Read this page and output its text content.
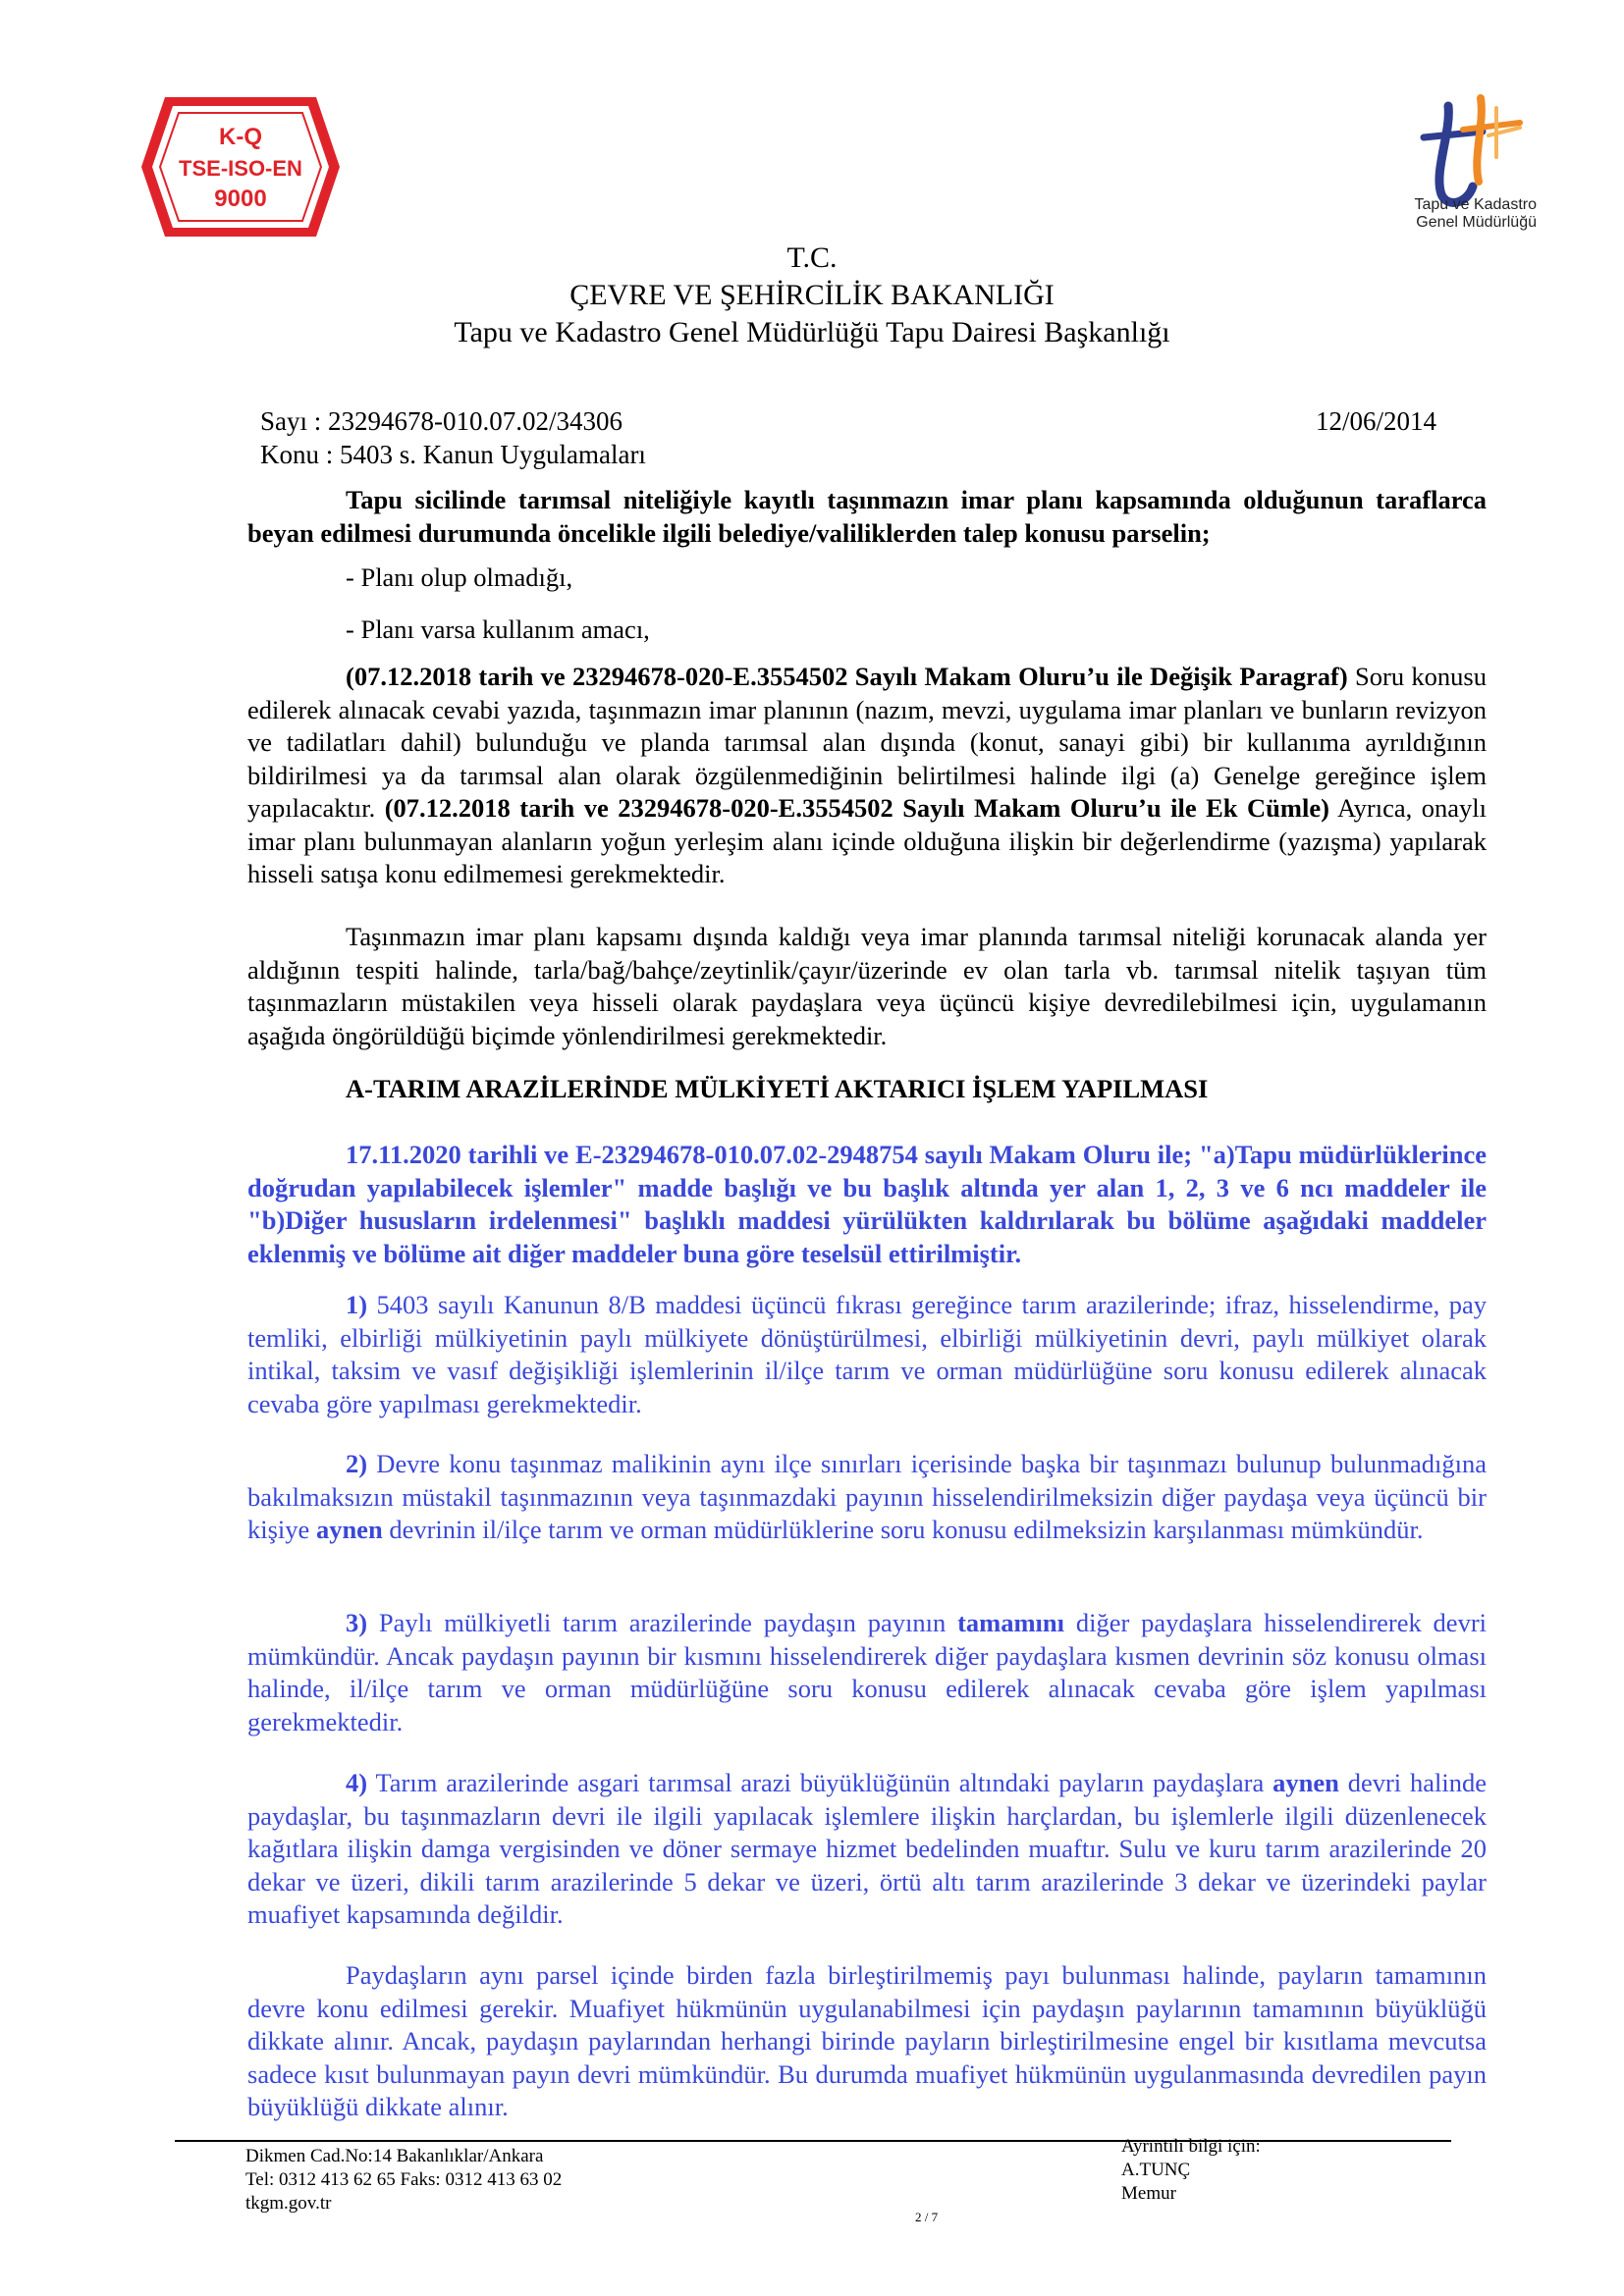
K-Q
TSE-ISO-EN
9000	Tapu ve Kadastro
Genel Müdürlüğü
T.C.
ÇEVRE VE ŞEHİRCİLİK BAKANLIĞI
Tapu ve Kadastro Genel Müdürlüğü Tapu Dairesi Başkanlığı
Sayı : 23294678-010.07.02/34306	12/06/2014
Konu : 5403 s. Kanun Uygulamaları
Tapu sicilinde tarımsal niteliğiyle kayıtlı taşınmazın imar planı kapsamında olduğunun taraflarca beyan edilmesi durumunda öncelikle ilgili belediye/valiliklerden talep konusu parselin;
- Planı olup olmadığı,
- Planı varsa kullanım amacı,
(07.12.2018 tarih ve 23294678-020-E.3554502 Sayılı Makam Oluru’u ile Değişik Paragraf) Soru konusu edilerek alınacak cevabi yazıda, taşınmazın imar planının (nazım, mevzi, uygulama imar planları ve bunların revizyon ve tadilatları dahil) bulunduğu ve planda tarımsal alan dışında (konut, sanayi gibi) bir kullanıma ayrıldığının bildirilmesi ya da tarımsal alan olarak özgülenmediğinin belirtilmesi halinde ilgi (a) Genelge gereğince işlem yapılacaktır. (07.12.2018 tarih ve 23294678-020-E.3554502 Sayılı Makam Oluru’u ile Ek Cümle) Ayrıca, onaylı imar planı bulunmayan alanların yoğun yerleşim alanı içinde olduğuna ilişkin bir değerlendirme (yazışma) yapılarak hisseli satışa konu edilmemesi gerekmektedir.
Taşınmazın imar planı kapsamı dışında kaldığı veya imar planında tarımsal niteliği korunacak alanda yer aldığının tespiti halinde, tarla/bağ/bahçe/zeytinlik/çayır/üzerinde ev olan tarla vb. tarımsal nitelik taşıyan tüm taşınmazların müstakilen veya hisseli olarak paydaşlara veya üçüncü kişiye devredilebilmesi için, uygulamanın aşağıda öngörüldüğü biçimde yönlendirilmesi gerekmektedir.
A-TARIM ARAZİLERİNDE MÜLKİYETİ AKTARICI İŞLEM YAPILMASI
17.11.2020 tarihli ve E-23294678-010.07.02-2948754 sayılı Makam Oluru ile; "a)Tapu müdürlüklerince doğrudan yapılabilecek işlemler" madde başlığı ve bu başlık altında yer alan 1, 2, 3 ve 6 ncı maddeler ile "b)Diğer hususların irdelenmesi" başlıklı maddesi yürülükten kaldırılarak bu bölüme aşağıdaki maddeler eklenmiş ve bölüme ait diğer maddeler buna göre teselsül ettirilmiştir.
1) 5403 sayılı Kanunun 8/B maddesi üçüncü fıkrası gereğince tarım arazilerinde; ifraz, hisselendirme, pay temliki, elbirliği mülkiyetinin paylı mülkiyete dönüştürülmesi, elbirliği mülkiyetinin devri, paylı mülkiyet olarak intikal, taksim ve vasıf değişikliği işlemlerinin il/ilçe tarım ve orman müdürlüğüne soru konusu edilerek alınacak cevaba göre yapılması gerekmektedir.
2) Devre konu taşınmaz malikinin aynı ilçe sınırları içerisinde başka bir taşınmazı bulunup bulunmadığına bakılmaksızın müstakil taşınmazının veya taşınmazdaki payının hisselendirilmeksizin diğer paydaşa veya üçüncü bir kişiye aynen devrinin il/ilçe tarım ve orman müdürlüklerine soru konusu edilmeksizin karşılanması mümkündür.
3) Paylı mülkiyetli tarım arazilerinde paydaşın payının tamamını diğer paydaşlara hisselendirerek devri mümkündür. Ancak paydaşın payının bir kısmını hisselendirerek diğer paydaşlara kısmen devrinin söz konusu olması halinde, il/ilçe tarım ve orman müdürlüğüne soru konusu edilerek alınacak cevaba göre işlem yapılması gerekmektedir.
4) Tarım arazilerinde asgari tarımsal arazi büyüklüğünün altındaki payların paydaşlara aynen devri halinde paydaşlar, bu taşınmazların devri ile ilgili yapılacak işlemlere ilişkin harçlardan, bu işlemlerle ilgili düzenlenecek kağıtlara ilişkin damga vergisinden ve döner sermaye hizmet bedelinden muaftır. Sulu ve kuru tarım arazilerinde 20 dekar ve üzeri, dikili tarım arazilerinde 5 dekar ve üzeri, örtü altı tarım arazilerinde 3 dekar ve üzerindeki paylar muafiyet kapsamında değildir.
Paydaşların aynı parsel içinde birden fazla birleştirilmemiş payı bulunması halinde, payların tamamının devre konu edilmesi gerekir. Muafiyet hükmünün uygulanabilmesi için paydaşın paylarının tamamının büyüklüğü dikkate alınır. Ancak, paydaşın paylarından herhangi birinde payların birleştirilmesine engel bir kısıtlama mevcutsa sadece kısıt bulunmayan payın devri mümkündür. Bu durumda muafiyet hükmünün uygulanmasında devredilen payın büyüklüğü dikkate alınır.
Dikmen Cad.No:14 Bakanlıklar/Ankara
Tel: 0312 413 62 65 Faks: 0312 413 63 02
tkgm.gov.tr
Ayrıntılı bilgi için:
A.TUNÇ
Memur
2 / 7
